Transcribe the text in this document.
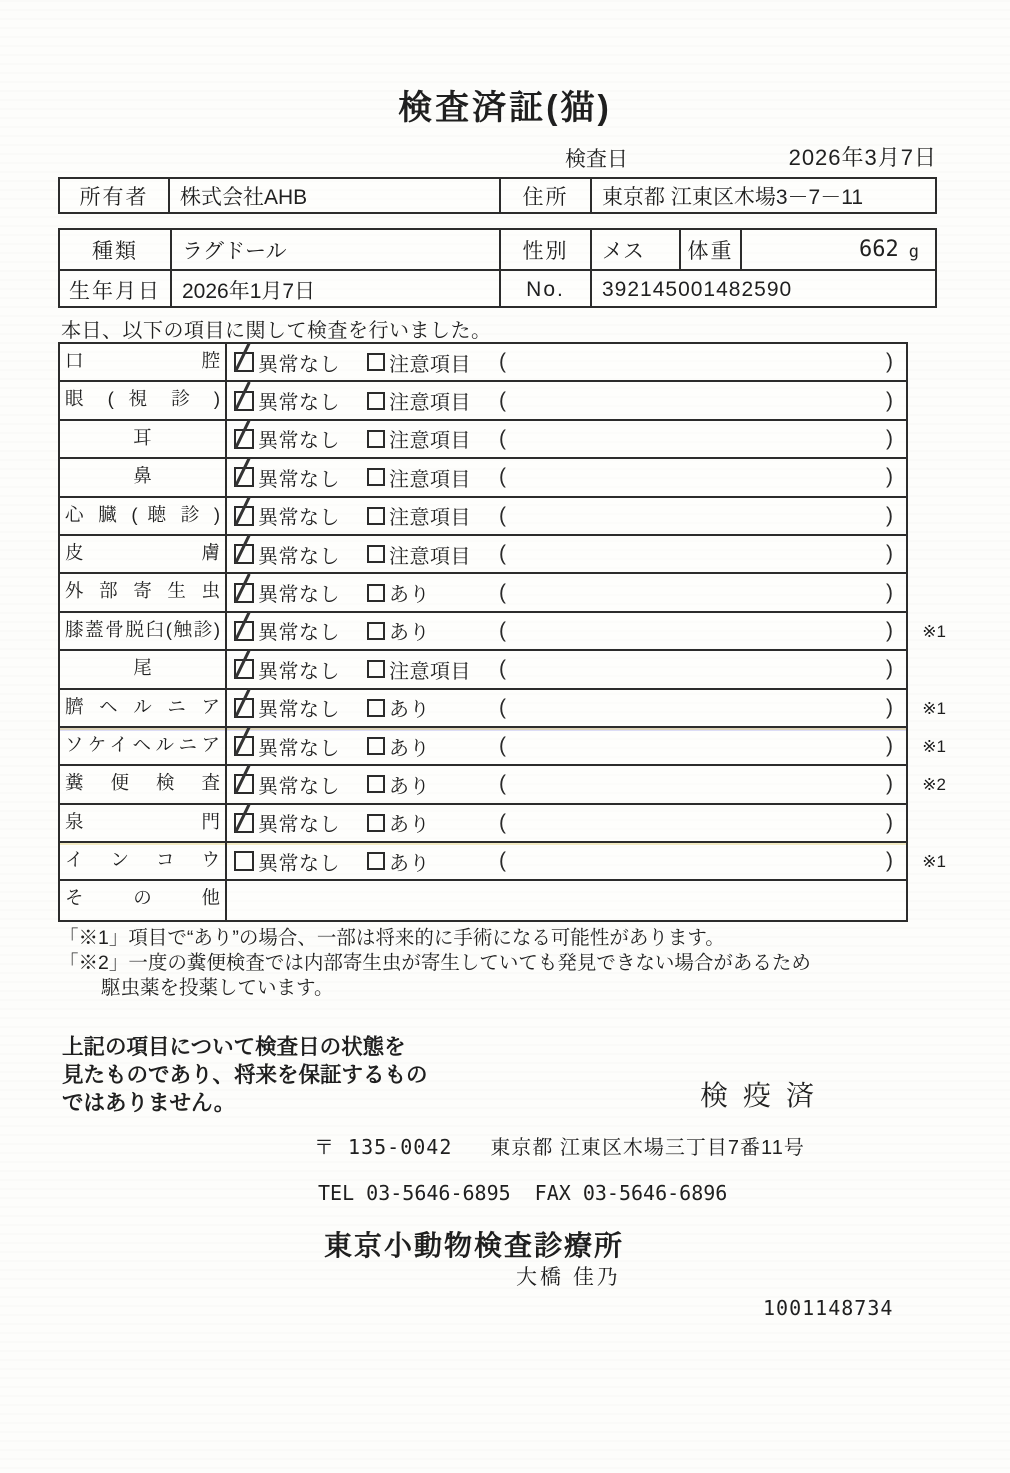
検査済証(猫)
検査日	2026年3月7日
所有者	株式会社AHB	住所	東京都 江東区木場3－7－11
種類	ラグドール	性別	メス	体重	662 g
生年月日	2026年1月7日	No.	392145001482590
本日、以下の項目に関して検査を行いました。
口 腔	異常なし 注意項目 (	)
眼 ( 視 診 )	異常なし 注意項目 (	)
耳	異常なし 注意項目 (	)
鼻	異常なし 注意項目 (	)
心 臓 ( 聴 診 )	異常なし 注意項目 (	)
皮 膚	異常なし 注意項目 (	)
外 部 寄 生 虫	異常なし あり	(	)
膝蓋骨脱臼(触診)	異常なし あり	(	) ※1
尾	異常なし 注意項目 (	)
臍 ヘ ル ニ ア	異常なし あり	(	) ※1
ソケイヘルニア	異常なし あり	(	) ※1
糞 便 検 査	異常なし あり	(	) ※2
泉 門	異常なし あり	(	)
イ ン コ ウ	異常なし あり	(	) ※1
そ の 他
「※1」項目で“あり”の場合、一部は将来的に手術になる可能性があります。
「※2」一度の糞便検査では内部寄生虫が寄生していても発見できない場合があるため
駆虫薬を投薬しています。
上記の項目について検査日の状態を
見たものであり、将来を保証するもの
ではありません。	検疫済
〒 135-0042 東京都 江東区木場三丁目7番11号
TEL 03-5646-6895 FAX 03-5646-6896
東京小動物検査診療所
大橋 佳乃
1001148734
